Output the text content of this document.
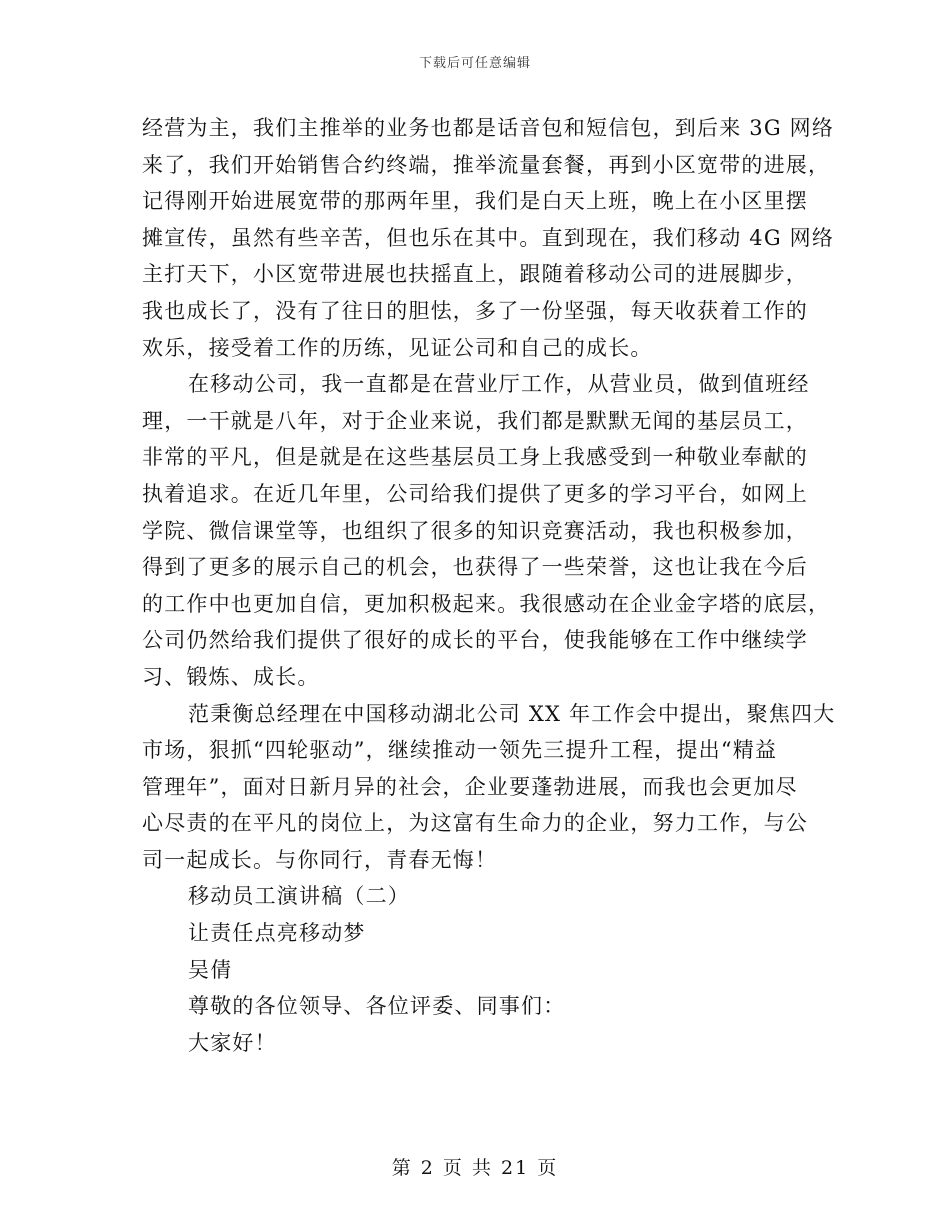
下载后可任意编辑

经营为主，我们主推举的业务也都是话音包和短信包，到后来 3G 网络
来了，我们开始销售合约终端，推举流量套餐，再到小区宽带的进展，
记得刚开始进展宽带的那两年里，我们是白天上班，晚上在小区里摆
摊宣传，虽然有些辛苦，但也乐在其中。直到现在，我们移动 4G 网络
主打天下，小区宽带进展也扶摇直上，跟随着移动公司的进展脚步，
我也成长了，没有了往日的胆怯，多了一份坚强，每天收获着工作的
欢乐，接受着工作的历练，见证公司和自己的成长。

在移动公司，我一直都是在营业厅工作，从营业员，做到值班经
理，一干就是八年，对于企业来说，我们都是默默无闻的基层员工，
非常的平凡，但是就是在这些基层员工身上我感受到一种敬业奉献的
执着追求。在近几年里，公司给我们提供了更多的学习平台，如网上
学院、微信课堂等，也组织了很多的知识竞赛活动，我也积极参加，
得到了更多的展示自己的机会，也获得了一些荣誉，这也让我在今后
的工作中也更加自信，更加积极起来。我很感动在企业金字塔的底层，
公司仍然给我们提供了很好的成长的平台，使我能够在工作中继续学
习、锻炼、成长。

范秉衡总经理在中国移动湖北公司 XX 年工作会中提出，聚焦四大
市场，狠抓“四轮驱动”，继续推动一领先三提升工程，提出“精益
管理年”，面对日新月异的社会，企业要蓬勃进展，而我也会更加尽
心尽责的在平凡的岗位上，为这富有生命力的企业，努力工作，与公
司一起成长。与你同行，青春无悔！

移动员工演讲稿（二）

让责任点亮移动梦

吴倩

尊敬的各位领导、各位评委、同事们：

大家好！

第 2 页 共 21 页
